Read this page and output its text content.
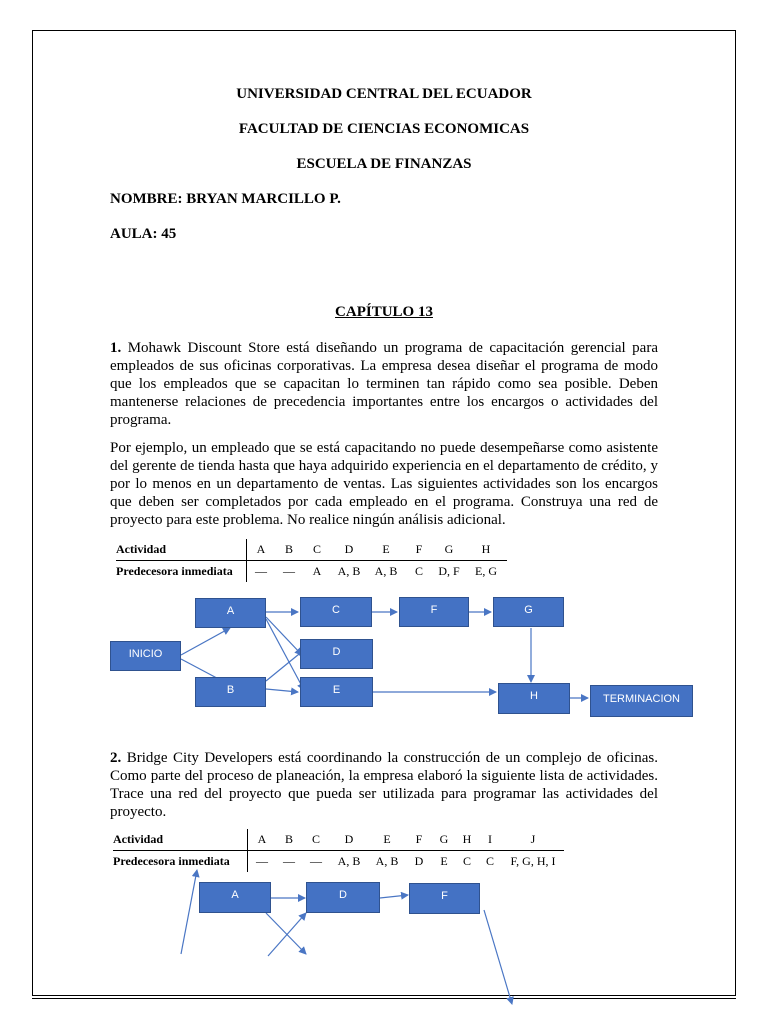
UNIVERSIDAD CENTRAL DEL ECUADOR
FACULTAD DE CIENCIAS ECONOMICAS
ESCUELA DE FINANZAS
NOMBRE: BRYAN MARCILLO P.
AULA: 45
CAPÍTULO 13

1. Mohawk Discount Store está diseñando un programa de capacitación gerencial para empleados de sus oficinas corporativas. La empresa desea diseñar el programa de modo que los empleados que se capacitan lo terminen tan rápido como sea posible. Deben mantenerse relaciones de precedencia importantes entre los encargos o actividades del programa.

Por ejemplo, un empleado que se está capacitando no puede desempeñarse como asistente del gerente de tienda hasta que haya adquirido experiencia en el departamento de crédito, y por lo menos en un departamento de ventas. Las siguientes actividades son los encargos que deben ser completados por cada empleado en el programa. Construya una red de proyecto para este problema. No realice ningún análisis adicional.

Actividad	A	B	C	D	E	F	G	H
Predecesora inmediata	—	—	A	A, B	A, B	C	D, F	E, G
INICIO
A
B
C
D
E
F	G
H	TERMINACION

2. Bridge City Developers está coordinando la construcción de un complejo de oficinas. Como parte del proceso de planeación, la empresa elaboró la siguiente lista de actividades. Trace una red del proyecto que pueda ser utilizada para programar las actividades del proyecto.

Actividad	A	B	C	D	E	F	G	H	I	J
Predecesora inmediata	—	—	—	A, B	A, B	D	E	C	C	F, G, H, I
A	D	F
